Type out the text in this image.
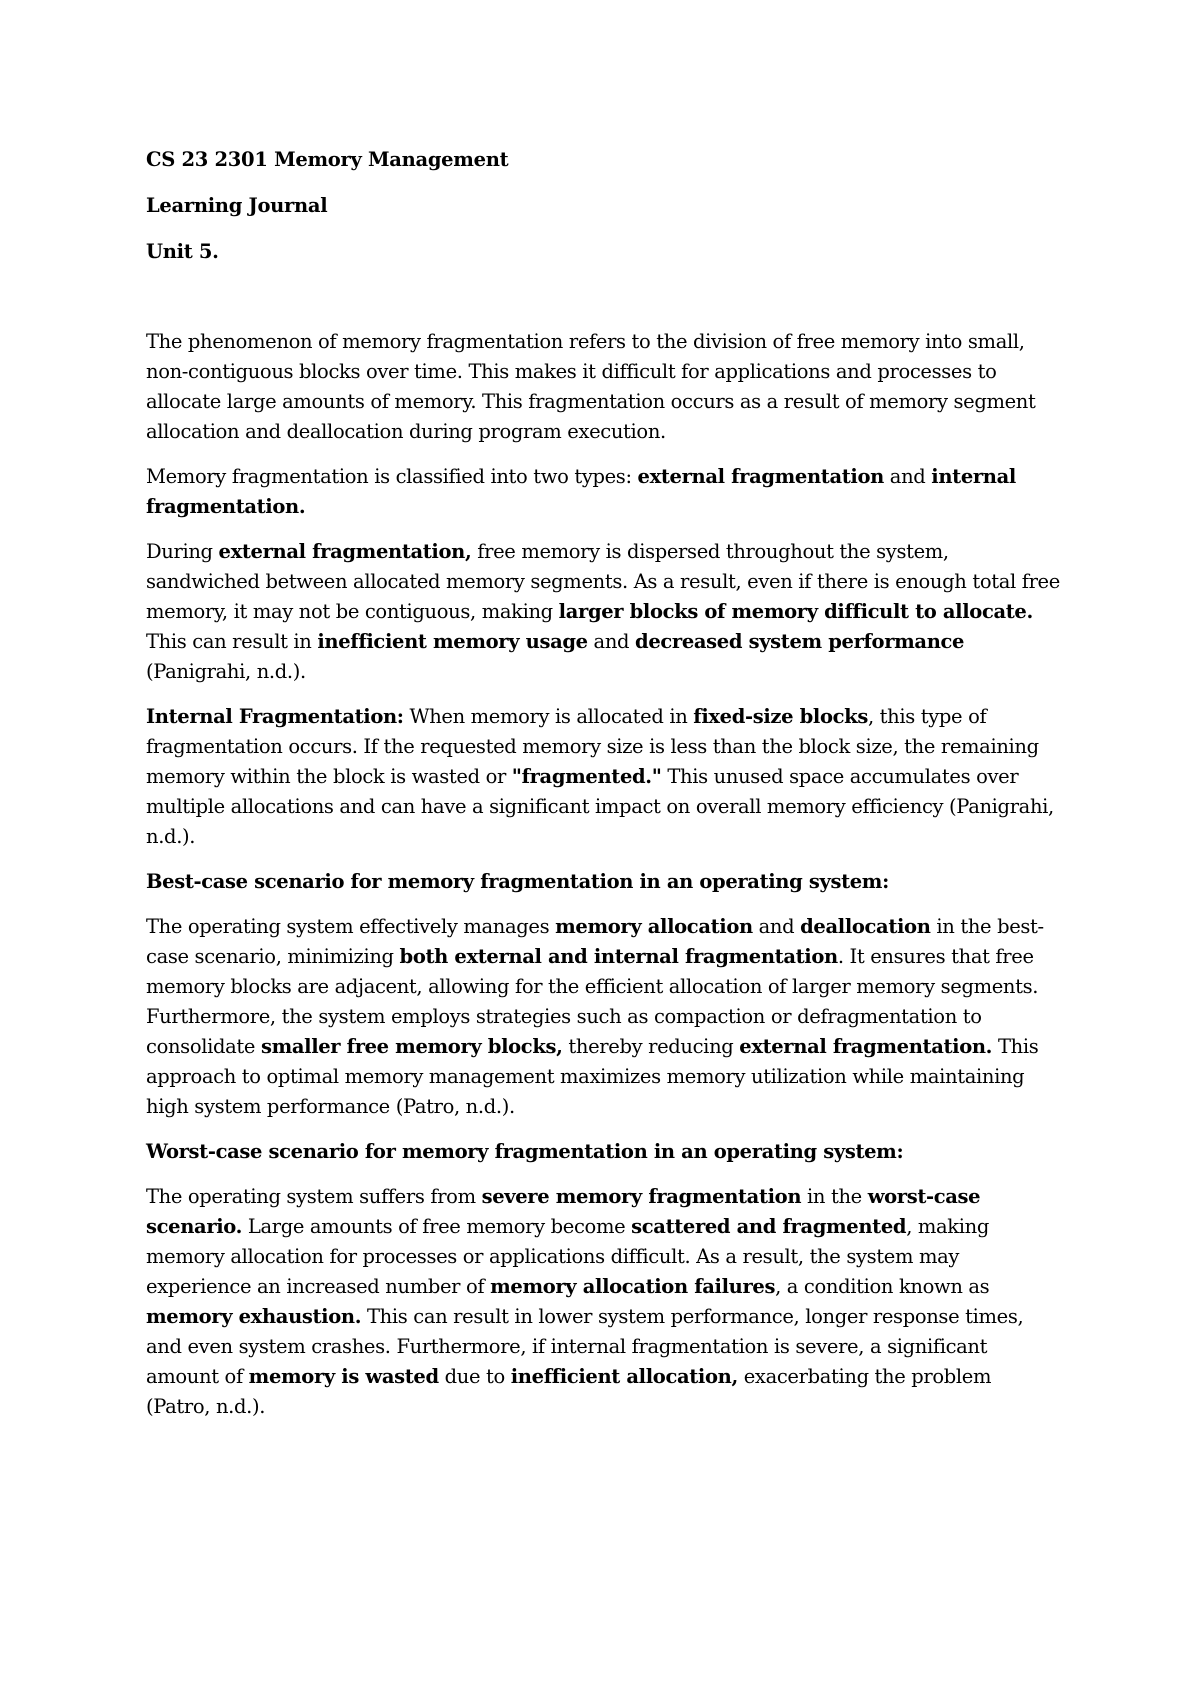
CS 23 2301 Memory Management
Learning Journal
Unit 5.

The phenomenon of memory fragmentation refers to the division of free memory into small, non-contiguous blocks over time. This makes it difficult for applications and processes to allocate large amounts of memory. This fragmentation occurs as a result of memory segment allocation and deallocation during program execution.

Memory fragmentation is classified into two types: external fragmentation and internal fragmentation.

During external fragmentation, free memory is dispersed throughout the system, sandwiched between allocated memory segments. As a result, even if there is enough total free memory, it may not be contiguous, making larger blocks of memory difficult to allocate. This can result in inefficient memory usage and decreased system performance (Panigrahi, n.d.).

Internal Fragmentation: When memory is allocated in fixed-size blocks, this type of fragmentation occurs. If the requested memory size is less than the block size, the remaining memory within the block is wasted or "fragmented." This unused space accumulates over multiple allocations and can have a significant impact on overall memory efficiency (Panigrahi, n.d.).

Best-case scenario for memory fragmentation in an operating system:

The operating system effectively manages memory allocation and deallocation in the best-case scenario, minimizing both external and internal fragmentation. It ensures that free memory blocks are adjacent, allowing for the efficient allocation of larger memory segments. Furthermore, the system employs strategies such as compaction or defragmentation to consolidate smaller free memory blocks, thereby reducing external fragmentation. This approach to optimal memory management maximizes memory utilization while maintaining high system performance (Patro, n.d.).

Worst-case scenario for memory fragmentation in an operating system:

The operating system suffers from severe memory fragmentation in the worst-case scenario. Large amounts of free memory become scattered and fragmented, making memory allocation for processes or applications difficult. As a result, the system may experience an increased number of memory allocation failures, a condition known as memory exhaustion. This can result in lower system performance, longer response times, and even system crashes. Furthermore, if internal fragmentation is severe, a significant amount of memory is wasted due to inefficient allocation, exacerbating the problem (Patro, n.d.).
